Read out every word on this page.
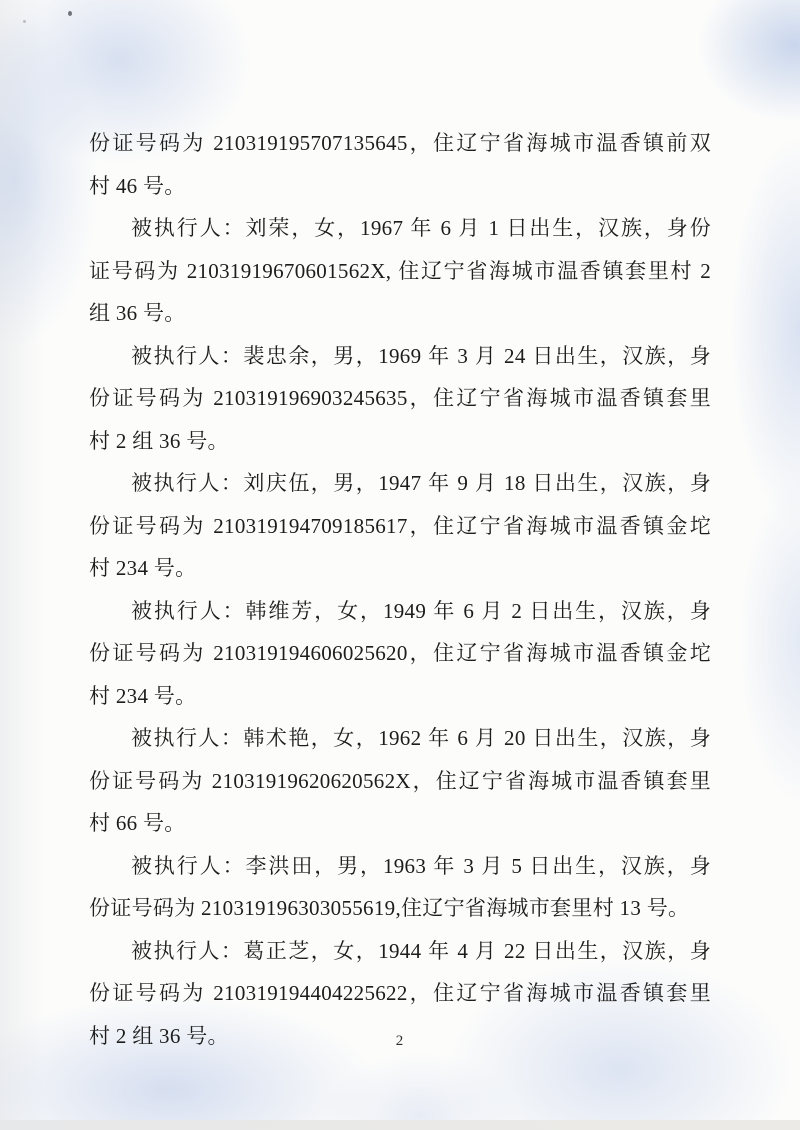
份证号码为 210319195707135645，住辽宁省海城市温香镇前双
村 46 号。
被执行人：刘荣，女，1967 年 6 月 1 日出生，汉族，身份
证号码为 21031919670601562X, 住辽宁省海城市温香镇套里村 2
组 36 号。
被执行人：裴忠余，男，1969 年 3 月 24 日出生，汉族，身
份证号码为 210319196903245635，住辽宁省海城市温香镇套里
村 2 组 36 号。
被执行人：刘庆伍，男，1947 年 9 月 18 日出生，汉族，身
份证号码为 210319194709185617，住辽宁省海城市温香镇金坨
村 234 号。
被执行人：韩维芳，女，1949 年 6 月 2 日出生，汉族，身
份证号码为 210319194606025620，住辽宁省海城市温香镇金坨
村 234 号。
被执行人：韩术艳，女，1962 年 6 月 20 日出生，汉族，身
份证号码为 21031919620620562X，住辽宁省海城市温香镇套里
村 66 号。
被执行人：李洪田，男，1963 年 3 月 5 日出生，汉族，身
份证号码为 210319196303055619,住辽宁省海城市套里村 13 号。
被执行人：葛正芝，女，1944 年 4 月 22 日出生，汉族，身
份证号码为 210319194404225622，住辽宁省海城市温香镇套里
村 2 组 36 号。	2
